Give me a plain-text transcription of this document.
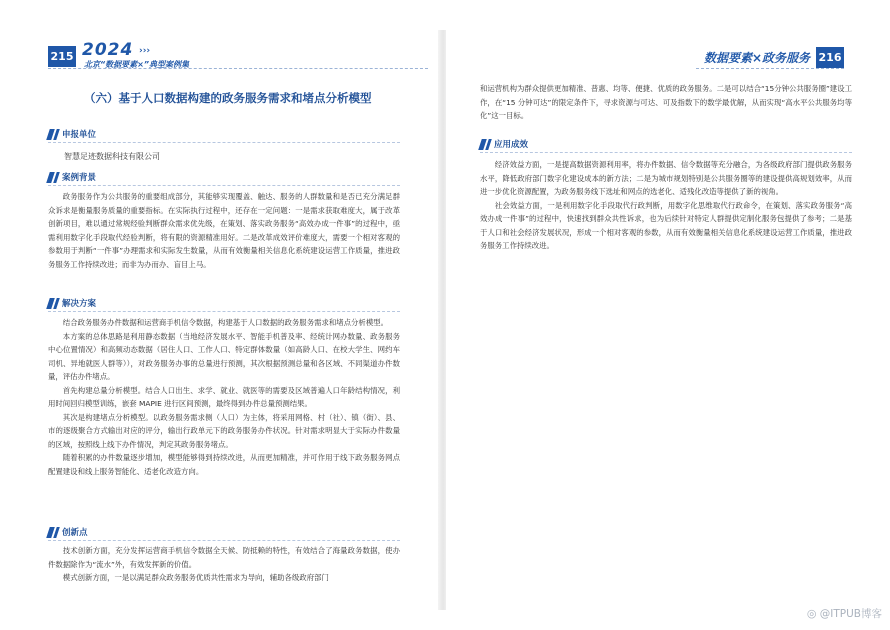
215 2024 ›››
北京“数据要素×”典型案例集
（六）基于人口数据构建的政务服务需求和堵点分析模型
申报单位
智慧足迹数据科技有限公司
案例背景

政务服务作为公共服务的重要组成部分，其能够实现覆盖、触达、服务的人群数量和是否已充分满足群众诉求是衡量服务质量的重要指标。在实际执行过程中，还存在一定问题：一是需求获取难度大，属于改革创新项目，难以通过常规经验判断群众需求优先级，在策划、落实政务服务“高效办成一件事”的过程中，亟需利用数字化手段取代经验判断，将有限的资源精准用好。二是改革成效评价难度大，需要一个相对客观的参数用于判断“一件事”办理需求和实际发生数量，从而有效衡量相关信息化系统建设运营工作质量，推进政务服务工作持续改进；而非为办而办、盲目上马。

解决方案

结合政务服务办件数据和运营商手机信令数据，构建基于人口数据的政务服务需求和堵点分析模型。

本方案的总体思路是利用静态数据（当地经济发展水平、智能手机普及率、经统计网办数量、政务服务中心位置情况）和高频动态数据（居住人口、工作人口、特定群体数量（如高龄人口、在校大学生、网约车司机、异地就医人群等）），对政务服务办事的总量进行预测，其次根据预测总量和各区域、不同渠道办件数量，评估办件堵点。

首先构建总量分析模型。结合人口出生、求学、就业、就医等的需要及区域普遍人口年龄结构情况，利用时间回归模型训练，嵌套 MAPIE 进行区间预测，最终得到办件总量预测结果。

其次是构建堵点分析模型。以政务服务需求侧（人口）为主体，将采用网格、村（社）、镇（街）、县、市的逐级聚合方式输出对应的评分，输出行政单元下的政务服务办件状况。针对需求明显大于实际办件数量的区域，按照线上线下办件情况，判定其政务服务堵点。

随着积累的办件数量逐步增加，模型能够得到持续改进，从而更加精准，并可作用于线下政务服务网点配置建设和线上服务智能化、适老化改造方向。

创新点

技术创新方面，充分发挥运营商手机信令数据全天候、防抵赖的特性，有效结合了海量政务数据，使办件数据除作为“流水”外，有效发挥新的价值。

模式创新方面，一是以满足群众政务服务优质共性需求为导向，辅助各级政府部门

数据要素×政务服务 216

和运营机构为群众提供更加精准、普惠、均等、便捷、优质的政务服务。二是可以结合“15分钟公共服务圈”建设工作，在“15 分钟可达”的限定条件下，寻求资源与可达、可及指数下的数学最优解，从而实现“高水平公共服务均等化”这一目标。

应用成效

经济效益方面，一是提高数据资源利用率，将办件数据、信令数据等充分融合，为各级政府部门提供政务服务水平，降低政府部门数字化建设成本的新方法；二是为城市规划特别是公共服务圈等的建设提供高规划效率，从而进一步优化资源配置，为政务服务线下选址和网点的选老化、适残化改造等提供了新的视角。

社会效益方面，一是利用数字化手段取代行政判断，用数字化思维取代行政命令，在策划、落实政务服务“高效办成一件事”的过程中，快速找到群众共性诉求，也为后续针对特定人群提供定制化服务包提供了参考；二是基于人口和社会经济发展状况，形成一个相对客观的参数，从而有效衡量相关信息化系统建设运营工作质量，推进政务服务工作持续改进。

◎ @ITPUB博客
